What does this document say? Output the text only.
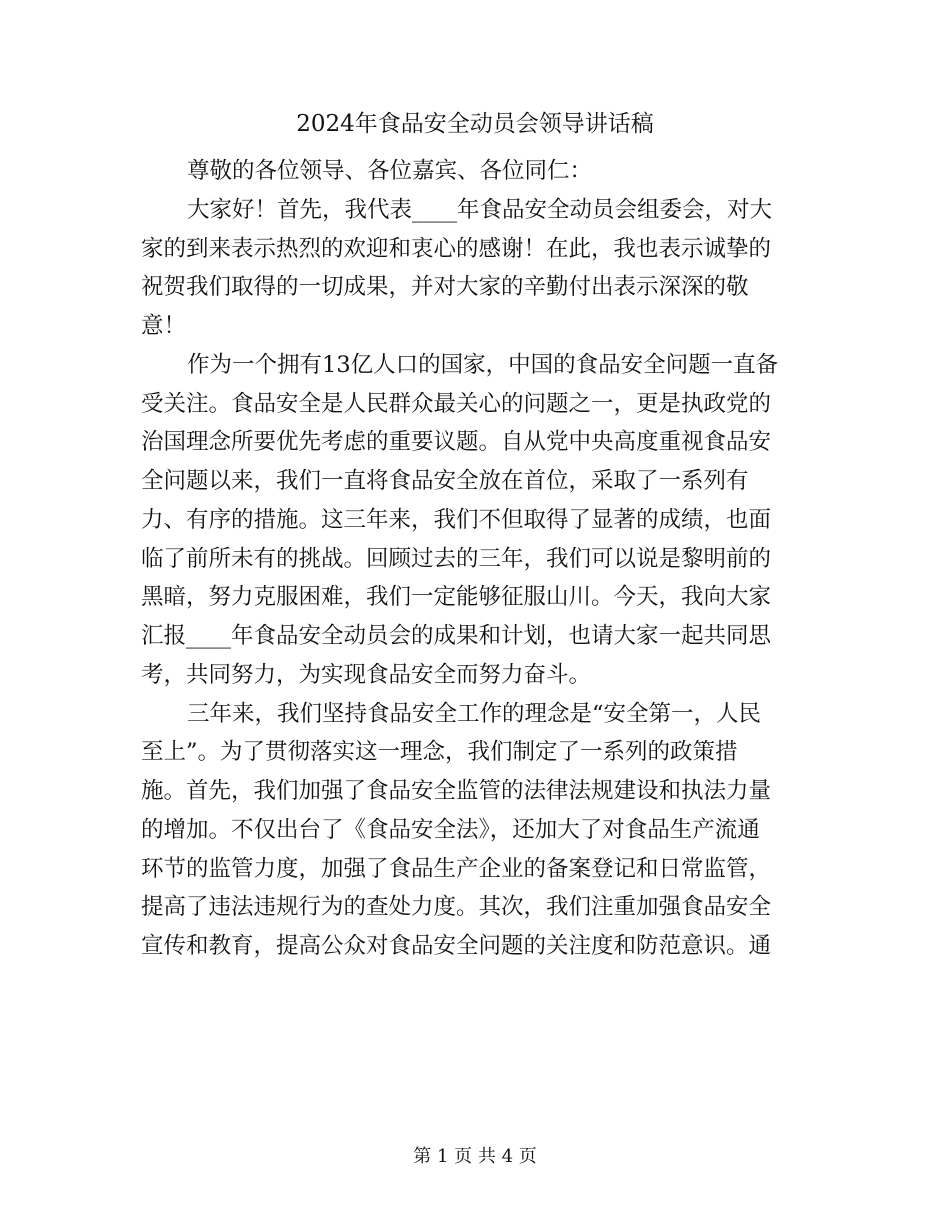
2024年食品安全动员会领导讲话稿
尊敬的各位领导、各位嘉宾、各位同仁：
大家好！首先，我代表____年食品安全动员会组委会，对大
家的到来表示热烈的欢迎和衷心的感谢！在此，我也表示诚挚的
祝贺我们取得的一切成果，并对大家的辛勤付出表示深深的敬
意！
作为一个拥有13亿人口的国家，中国的食品安全问题一直备
受关注。食品安全是人民群众最关心的问题之一，更是执政党的
治国理念所要优先考虑的重要议题。自从党中央高度重视食品安
全问题以来，我们一直将食品安全放在首位，采取了一系列有
力、有序的措施。这三年来，我们不但取得了显著的成绩，也面
临了前所未有的挑战。回顾过去的三年，我们可以说是黎明前的
黑暗，努力克服困难，我们一定能够征服山川。今天，我向大家
汇报____年食品安全动员会的成果和计划，也请大家一起共同思
考，共同努力，为实现食品安全而努力奋斗。
三年来，我们坚持食品安全工作的理念是“安全第一，人民
至上”。为了贯彻落实这一理念，我们制定了一系列的政策措
施。首先，我们加强了食品安全监管的法律法规建设和执法力量
的增加。不仅出台了《食品安全法》，还加大了对食品生产流通
环节的监管力度，加强了食品生产企业的备案登记和日常监管，
提高了违法违规行为的查处力度。其次，我们注重加强食品安全
宣传和教育，提高公众对食品安全问题的关注度和防范意识。通
第 1 页 共 4 页
